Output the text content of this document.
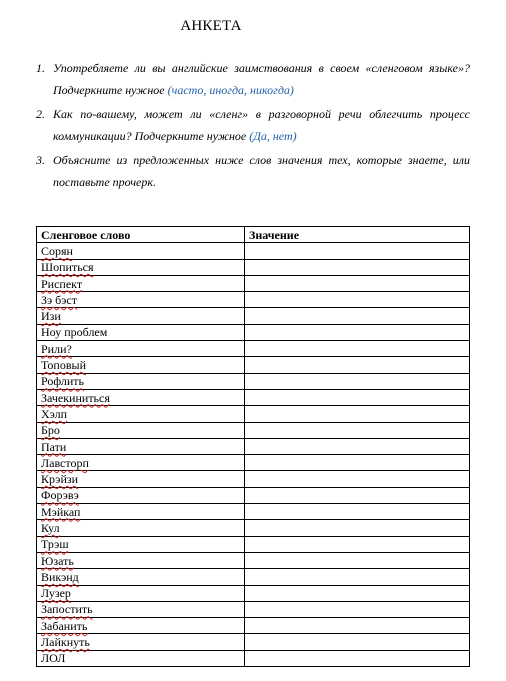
АНКЕТА
1. Употребляете ли вы английские заимствования в своем «сленговом языке»? Подчеркните нужное (часто, иногда, никогда)
2. Как по-вашему, может ли «сленг» в разговорной речи облегчить процесс коммуникации? Подчеркните нужное (Да, нет)
3. Объясните из предложенных ниже слов значения тех, которые знаете, или поставьте прочерк.
Сленговое слово	Значение
Сорян	
Шопиться	
Риспект	
Зэ бэст	
Изи	
Ноу проблем	
Рили?	
Топовый	
Рофлить	
Зачекиниться	
Хэлп	
Бро	
Пати	
Лавсторп	
Крэйзи	
Форэвэ	
Мэйкап	
Кул	
Трэш	
Юзать	
Викэнд	
Лузер	
Запостить	
Забанить	
Лайкнуть	
ЛОЛ	
